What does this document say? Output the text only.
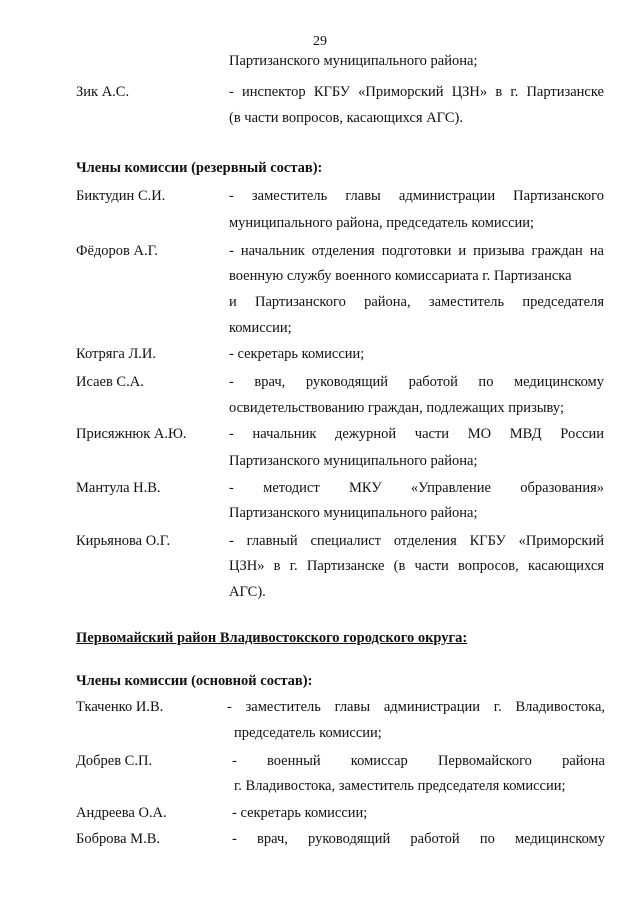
29
Партизанского муниципального района;
Зик А.С.	- инспектор КГБУ «Приморский ЦЗН» в г. Партизанске
(в части вопросов, касающихся АГС).
Члены комиссии (резервный состав):
Биктудин С.И.	- заместитель главы администрации Партизанского
муниципального района, председатель комиссии;
Фёдоров А.Г.	- начальник отделения подготовки и призыва граждан на
военную службу военного комиссариата г. Партизанска
и Партизанского района, заместитель председателя
комиссии;
Котряга Л.И.	- секретарь комиссии;
Исаев С.А.	- врач, руководящий работой по медицинскому
освидетельствованию граждан, подлежащих призыву;
Присяжнюк А.Ю.	- начальник дежурной части МО МВД России
Партизанского муниципального района;
Мантула Н.В.	- методист МКУ «Управление образования»
Партизанского муниципального района;
Кирьянова О.Г.	- главный специалист отделения КГБУ «Приморский
ЦЗН» в г. Партизанске (в части вопросов, касающихся
АГС).
Первомайский район Владивостокского городского округа:
Члены комиссии (основной состав):
Ткаченко И.В.	- заместитель главы администрации г. Владивостока,
председатель комиссии;
Добрев С.П.	- военный комиссар Первомайского района
г. Владивостока, заместитель председателя комиссии;
Андреева О.А.	- секретарь комиссии;
Боброва М.В.	- врач, руководящий работой по медицинскому
